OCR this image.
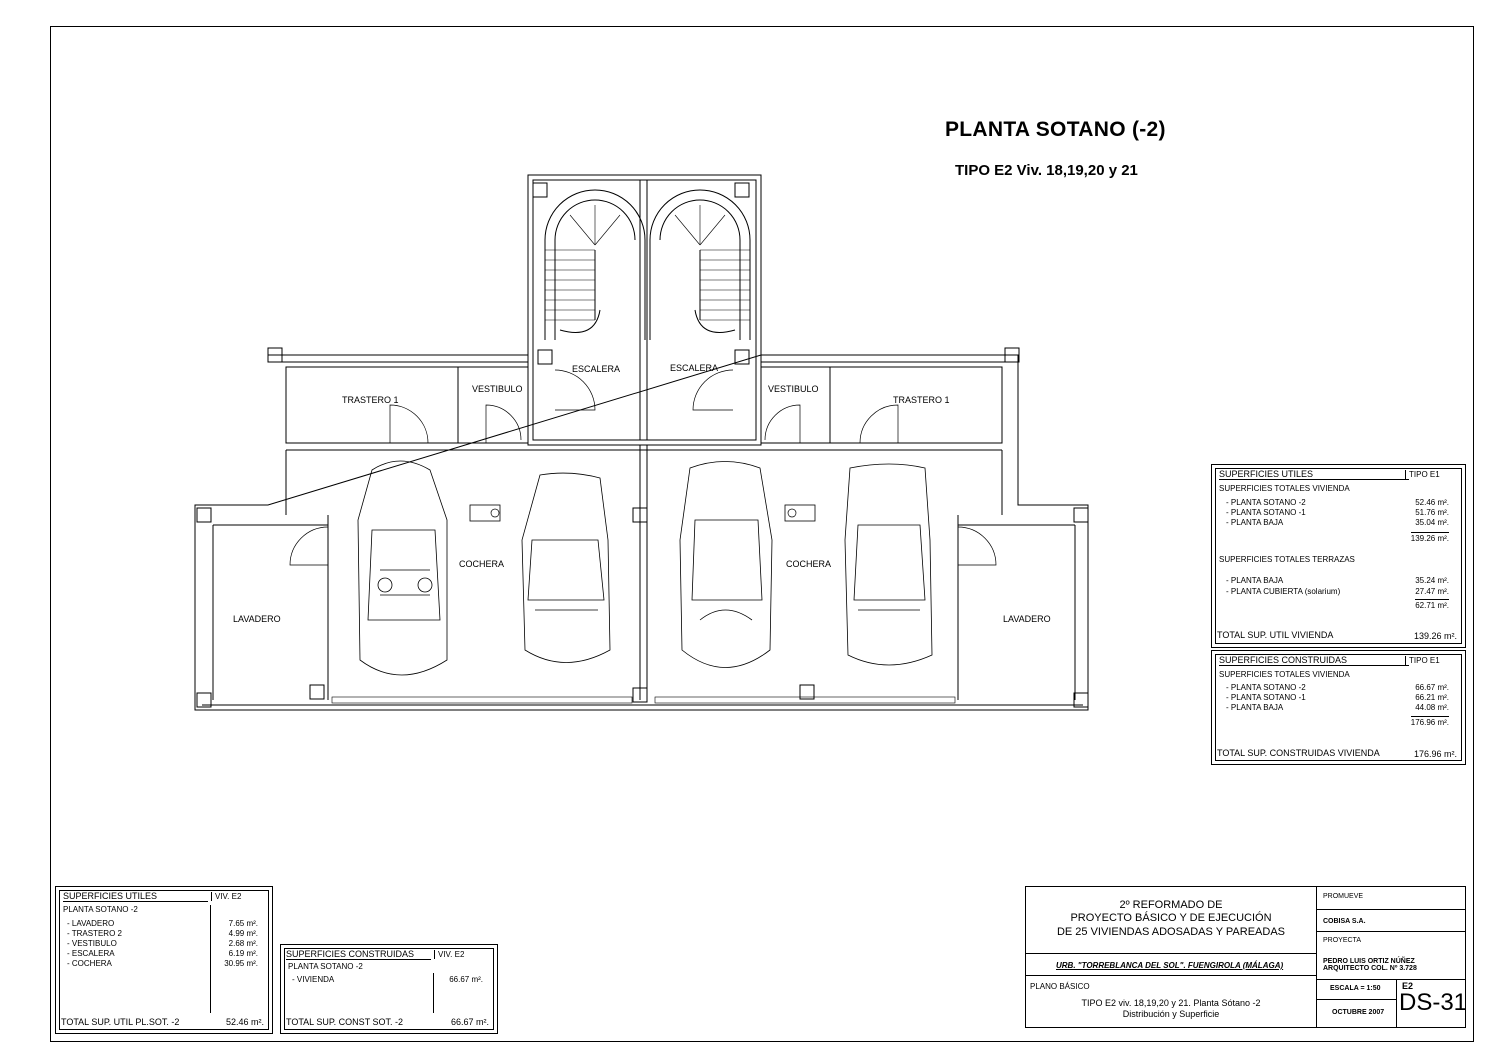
PLANTA SOTANO (-2)
TIPO E2 Viv. 18,19,20 y 21
TRASTERO 1
VESTIBULO
ESCALERA	ESCALERA
VESTIBULO
TRASTERO 1
COCHERA	COCHERA
LAVADERO	LAVADERO
SUPERFICIES UTILES	TIPO E1
SUPERFICIES TOTALES VIVIENDA
- PLANTA SOTANO -2	52.46 m².
- PLANTA SOTANO -1	51.76 m².
- PLANTA BAJA	35.04 m².
139.26 m².
SUPERFICIES TOTALES TERRAZAS
- PLANTA BAJA	35.24 m².
- PLANTA CUBIERTA (solarium)	27.47 m².
62.71 m².
TOTAL SUP. UTIL VIVIENDA	139.26 m².
SUPERFICIES CONSTRUIDAS	TIPO E1
SUPERFICIES TOTALES VIVIENDA
- PLANTA SOTANO -2	66.67 m².
- PLANTA SOTANO -1	66.21 m².
- PLANTA BAJA	44.08 m².
176.96 m².
TOTAL SUP. CONSTRUIDAS VIVIENDA	176.96 m².
SUPERFICIES UTILES	VIV. E2
PLANTA SOTANO -2
- LAVADERO	7.65 m².
- TRASTERO 2	4.99 m².
- VESTIBULO	2.68 m².
- ESCALERA	6.19 m².
- COCHERA	30.95 m².
TOTAL SUP. UTIL PL.SOT. -2	52.46 m².
SUPERFICIES CONSTRUIDAS	VIV. E2
PLANTA SOTANO -2
- VIVIENDA	66.67 m².
TOTAL SUP. CONST SOT. -2	66.67 m².
2º REFORMADO DE
PROYECTO BÁSICO Y DE EJECUCIÓN
DE 25 VIVIENDAS ADOSADAS Y PAREADAS
URB. "TORREBLANCA DEL SOL". FUENGIROLA (MÁLAGA)
PLANO BÁSICO
TIPO E2 viv. 18,19,20 y 21. Planta Sótano -2
Distribución y Superficie
PROMUEVE
COBISA S.A.
PROYECTA
PEDRO LUIS ORTIZ NÚÑEZ
ARQUITECTO COL. Nº 3.728
ESCALA = 1:50
OCTUBRE 2007
E2
DS-31
